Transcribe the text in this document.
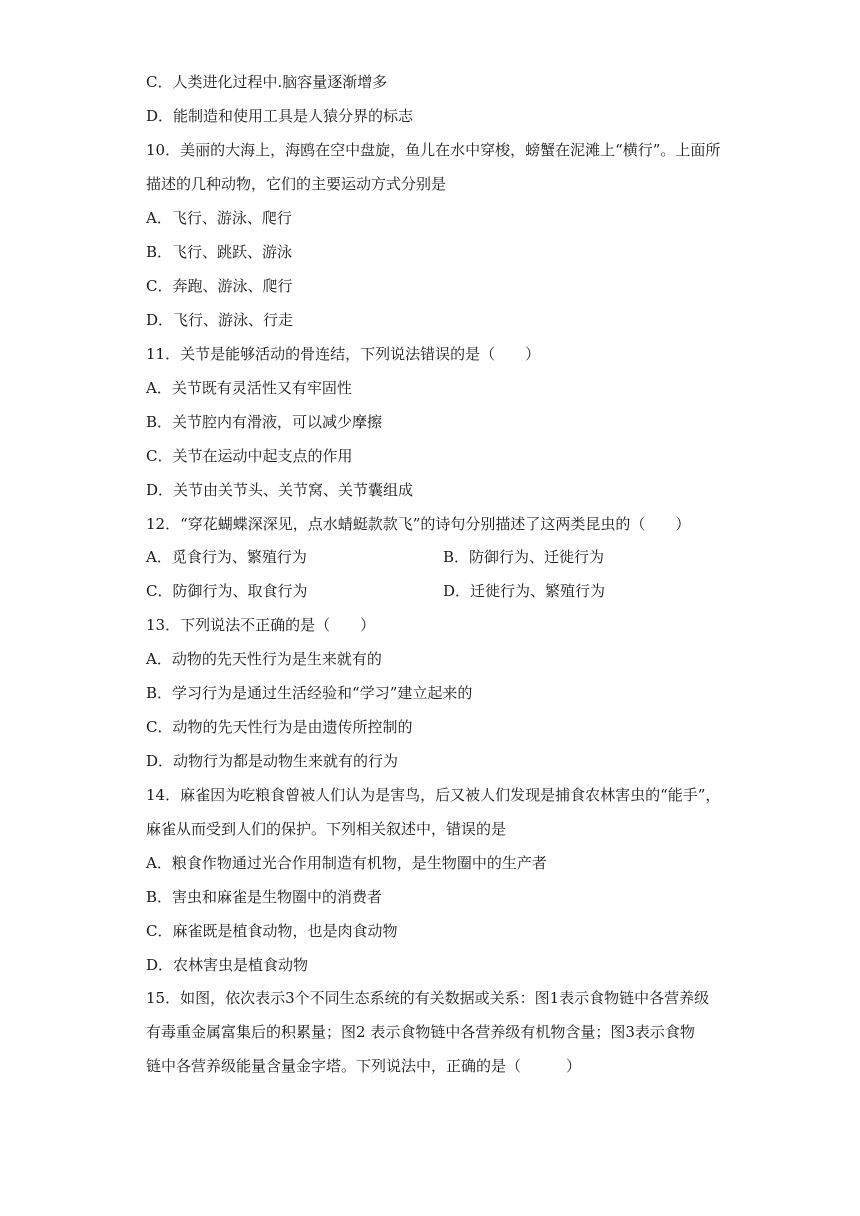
C．人类进化过程中.脑容量逐渐增多
D．能制造和使用工具是人猿分界的标志
10．美丽的大海上，海鸥在空中盘旋，鱼儿在水中穿梭，螃蟹在泥滩上“横行”。上面所
描述的几种动物，它们的主要运动方式分别是
A．飞行、游泳、爬行
B．飞行、跳跃、游泳
C．奔跑、游泳、爬行
D．飞行、游泳、行走
11．关节是能够活动的骨连结，下列说法错误的是（　　）
A．关节既有灵活性又有牢固性
B．关节腔内有滑液，可以减少摩擦
C．关节在运动中起支点的作用
D．关节由关节头、关节窝、关节囊组成
12．“穿花蝴蝶深深见，点水蜻蜓款款飞”的诗句分别描述了这两类昆虫的（　　）
A．觅食行为、繁殖行为	B．防御行为、迁徙行为
C．防御行为、取食行为	D．迁徙行为、繁殖行为
13．下列说法不正确的是（　　）
A．动物的先天性行为是生来就有的
B．学习行为是通过生活经验和“学习”建立起来的
C．动物的先天性行为是由遗传所控制的
D．动物行为都是动物生来就有的行为
14．麻雀因为吃粮食曾被人们认为是害鸟，后又被人们发现是捕食农林害虫的“能手”，
麻雀从而受到人们的保护。下列相关叙述中，错误的是
A．粮食作物通过光合作用制造有机物，是生物圈中的生产者
B．害虫和麻雀是生物圈中的消费者
C．麻雀既是植食动物，也是肉食动物
D．农林害虫是植食动物
15．如图，依次表示3个不同生态系统的有关数据或关系：图1表示食物链中各营养级
有毒重金属富集后的积累量；图2 表示食物链中各营养级有机物含量；图3表示食物
链中各营养级能量含量金字塔。下列说法中，正确的是（　　　）
